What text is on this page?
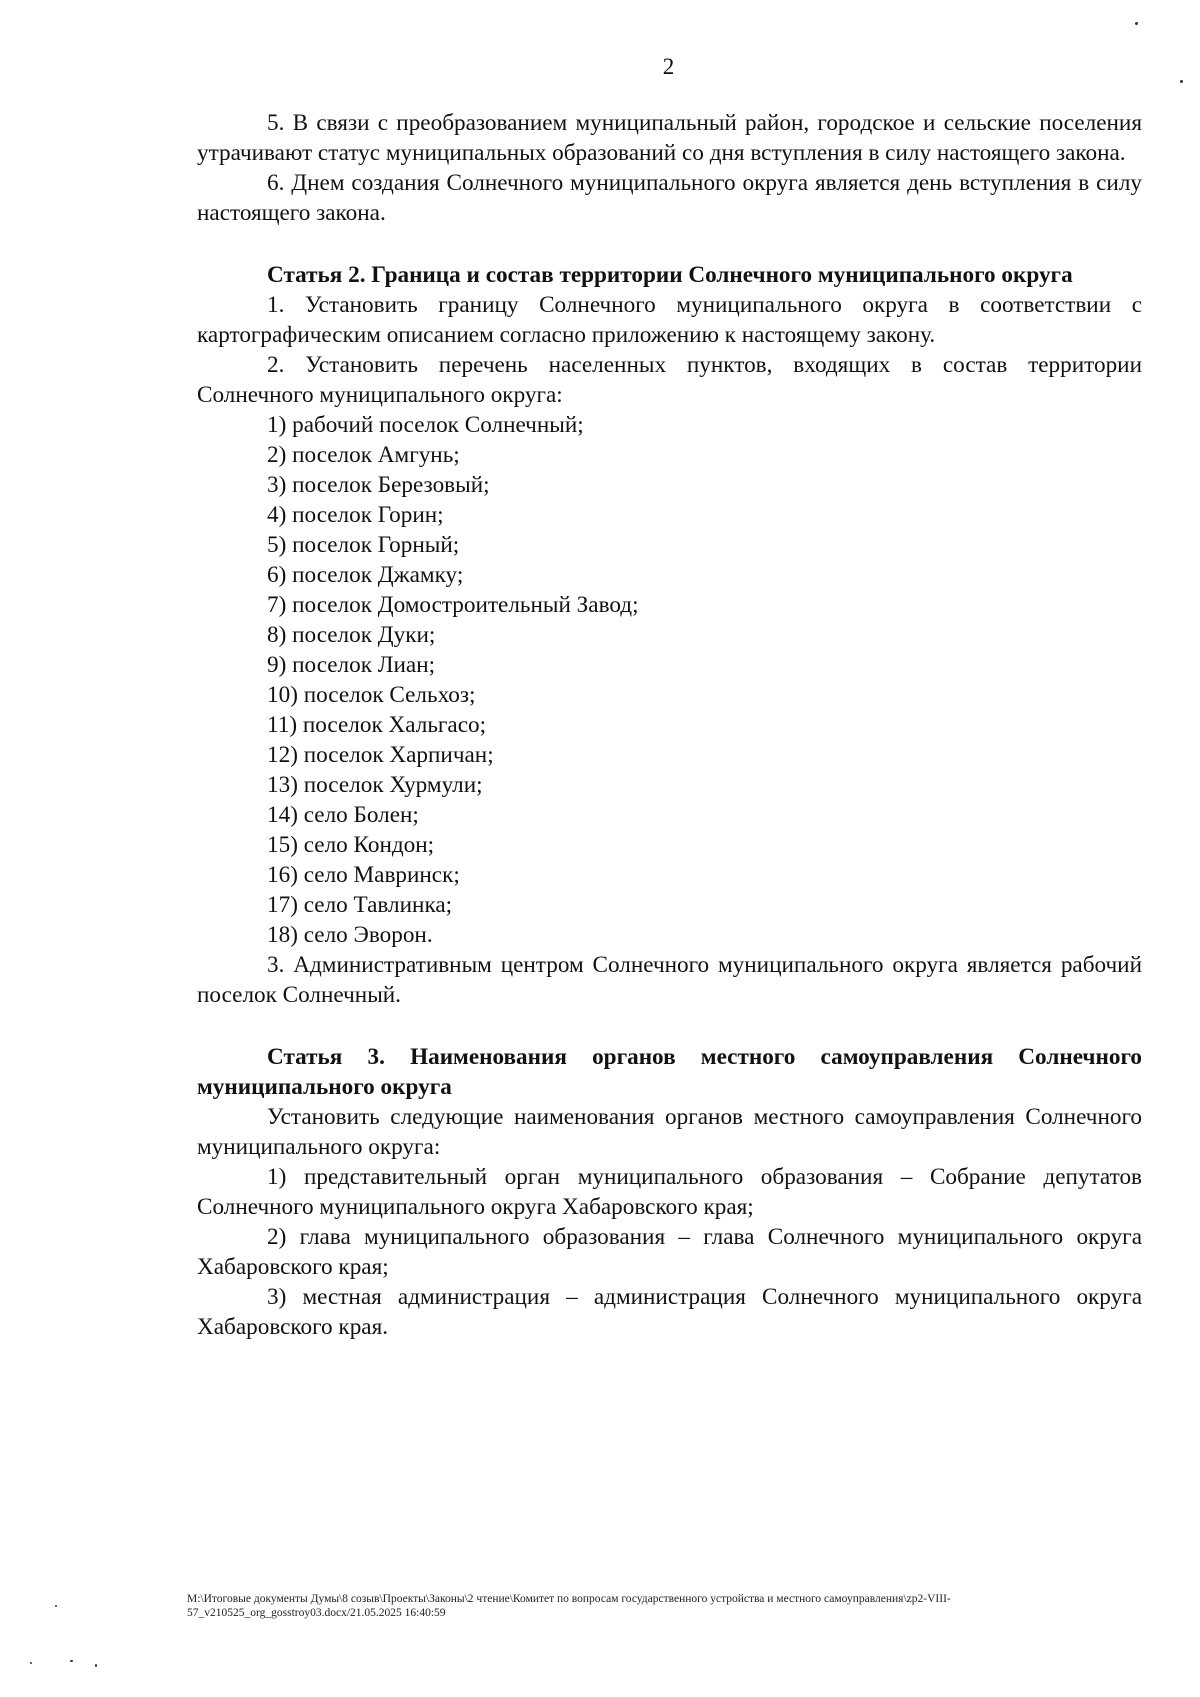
2

5. В связи с преобразованием муниципальный район, городское и сельские поселения утрачивают статус муниципальных образований со дня вступления в силу настоящего закона.

6. Днем создания Солнечного муниципального округа является день вступления в силу настоящего закона.

Статья 2. Граница и состав территории Солнечного муниципального округа

1. Установить границу Солнечного муниципального округа в соответствии с картографическим описанием согласно приложению к настоящему закону.

2. Установить перечень населенных пунктов, входящих в состав территории Солнечного муниципального округа:

1) рабочий поселок Солнечный;
2) поселок Амгунь;
3) поселок Березовый;
4) поселок Горин;
5) поселок Горный;
6) поселок Джамку;
7) поселок Домостроительный Завод;
8) поселок Дуки;
9) поселок Лиан;
10) поселок Сельхоз;
11) поселок Хальгасо;
12) поселок Харпичан;
13) поселок Хурмули;
14) село Болен;
15) село Кондон;
16) село Мавринск;
17) село Тавлинка;
18) село Эворон.

3. Административным центром Солнечного муниципального округа является рабочий поселок Солнечный.

Статья 3. Наименования органов местного самоуправления Солнечного муниципального округа

Установить следующие наименования органов местного самоуправления Солнечного муниципального округа:

1) представительный орган муниципального образования – Собрание депутатов Солнечного муниципального округа Хабаровского края;

2) глава муниципального образования – глава Солнечного муниципального округа Хабаровского края;

3) местная администрация – администрация Солнечного муниципального округа Хабаровского края.

M:\Итоговые документы Думы\8 созыв\Проекты\Законы\2 чтение\Комитет по вопросам государственного устройства и местного самоуправления\zp2-VIII-57_v210525_org_gosstroy03.docx/21.05.2025 16:40:59
